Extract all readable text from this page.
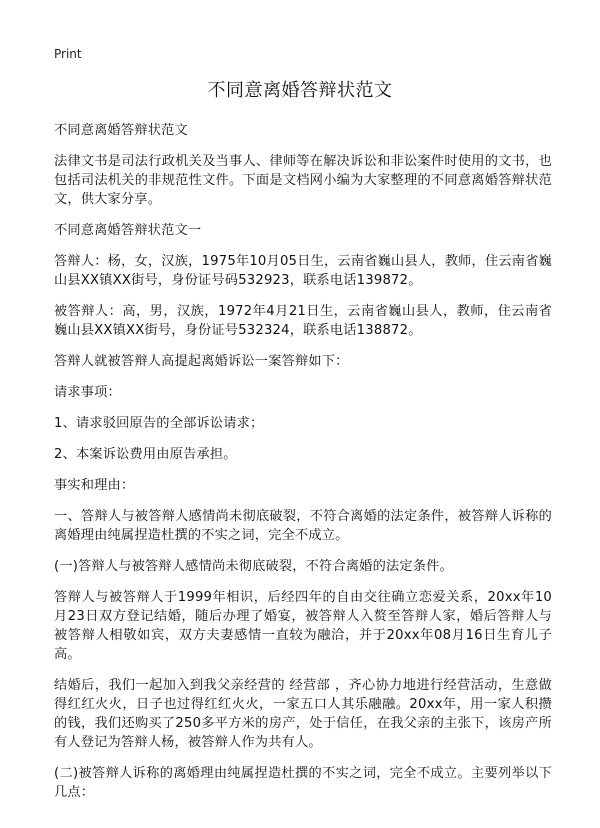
Print
不同意离婚答辩状范文

不同意离婚答辩状范文

法律文书是司法行政机关及当事人、律师等在解决诉讼和非讼案件时使用的文书，也包括司法机关的非规范性文件。下面是文档网小编为大家整理的不同意离婚答辩状范文，供大家分享。

不同意离婚答辩状范文一

答辩人：杨，女，汉族，1975年10月05日生，云南省巍山县人，教师，住云南省巍山县XX镇XX街号，身份证号码532923，联系电话139872。

被答辩人：高，男，汉族，1972年4月21日生，云南省巍山县人，教师，住云南省巍山县XX镇XX街号，身份证号532324，联系电话138872。

答辩人就被答辩人高提起离婚诉讼一案答辩如下：

请求事项：

1、请求驳回原告的全部诉讼请求；

2、本案诉讼费用由原告承担。

事实和理由：

一、答辩人与被答辩人感情尚未彻底破裂，不符合离婚的法定条件，被答辩人诉称的离婚理由纯属捏造杜撰的不实之词，完全不成立。

(一)答辩人与被答辩人感情尚未彻底破裂，不符合离婚的法定条件。

答辩人与被答辩人于1999年相识，后经四年的自由交往确立恋爱关系，20xx年10月23日双方登记结婚，随后办理了婚宴，被答辩人入赘至答辩人家，婚后答辩人与被答辩人相敬如宾，双方夫妻感情一直较为融洽，并于20xx年08月16日生育儿子高。

结婚后，我们一起加入到我父亲经营的 经营部 ，齐心协力地进行经营活动，生意做得红红火火，日子也过得红红火火，一家五口人其乐融融。20xx年，用一家人积攒的钱，我们还购买了250多平方米的房产，处于信任，在我父亲的主张下，该房产所有人登记为答辩人杨，被答辩人作为共有人。

(二)被答辩人诉称的离婚理由纯属捏造杜撰的不实之词，完全不成立。主要列举以下几点：
